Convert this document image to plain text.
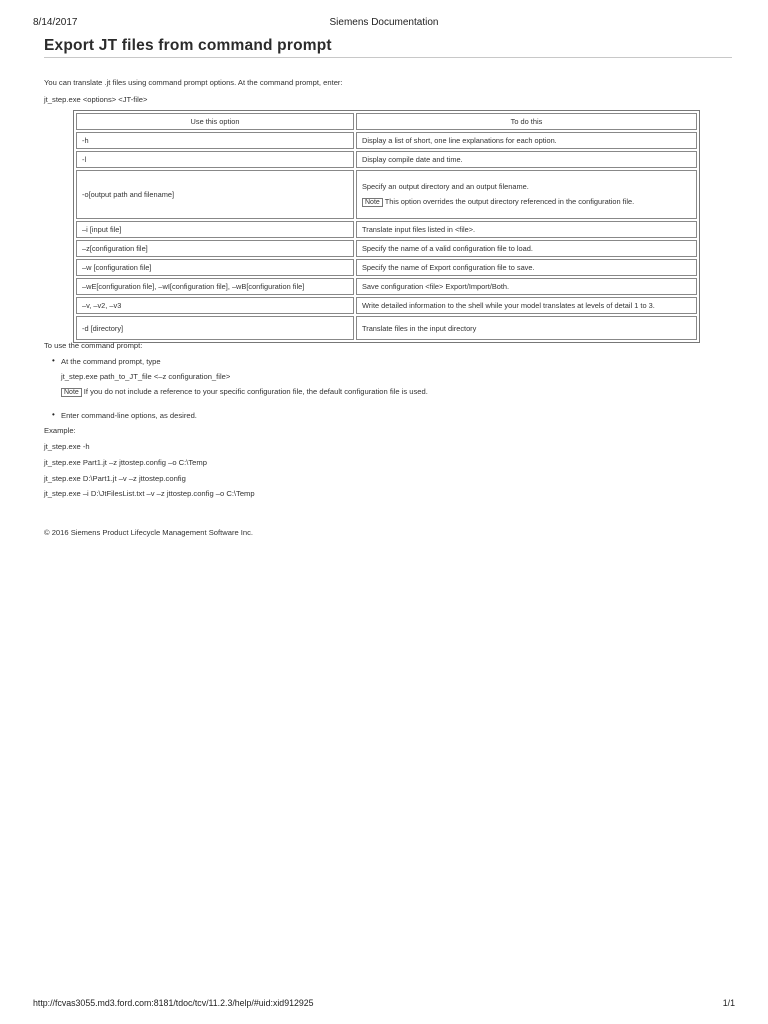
8/14/2017	Siemens Documentation
Export JT files from command prompt
You can translate .jt files using command prompt options. At the command prompt, enter:
jt_step.exe <options> <JT-file>
Use this option	To do this
-h	Display a list of short, one line explanations for each option.
-l	Display compile date and time.
-o[output path and filename]	Specify an output directory and an output filename.
Note This option overrides the output directory referenced in the configuration file.

–i [input file]	Translate input files listed in <file>.
–z[configuration file]	Specify the name of a valid configuration file to load.
–w [configuration file]	Specify the name of Export configuration file to save.
–wE[configuration file], –wI[configuration file], –wB[configuration file]	Save configuration <file> Export/Import/Both.
–v, –v2, –v3	Write detailed information to the shell while your model translates at levels of detail 1 to 3.
-d [directory]	Translate files in the input directory
To use the command prompt:
• At the command prompt, type
jt_step.exe path_to_JT_file <–z configuration_file>
Note If you do not include a reference to your specific configuration file, the default configuration file is used.
• Enter command-line options, as desired.
Example:
jt_step.exe -h
jt_step.exe Part1.jt –z jttostep.config –o C:\Temp
jt_step.exe D:\Part1.jt –v –z jttostep.config
jt_step.exe –i D:\JtFilesList.txt –v –z jttostep.config –o C:\Temp
© 2016 Siemens Product Lifecycle Management Software Inc.
http://fcvas3055.md3.ford.com:8181/tdoc/tcv/11.2.3/help/#uid:xid912925	1/1
